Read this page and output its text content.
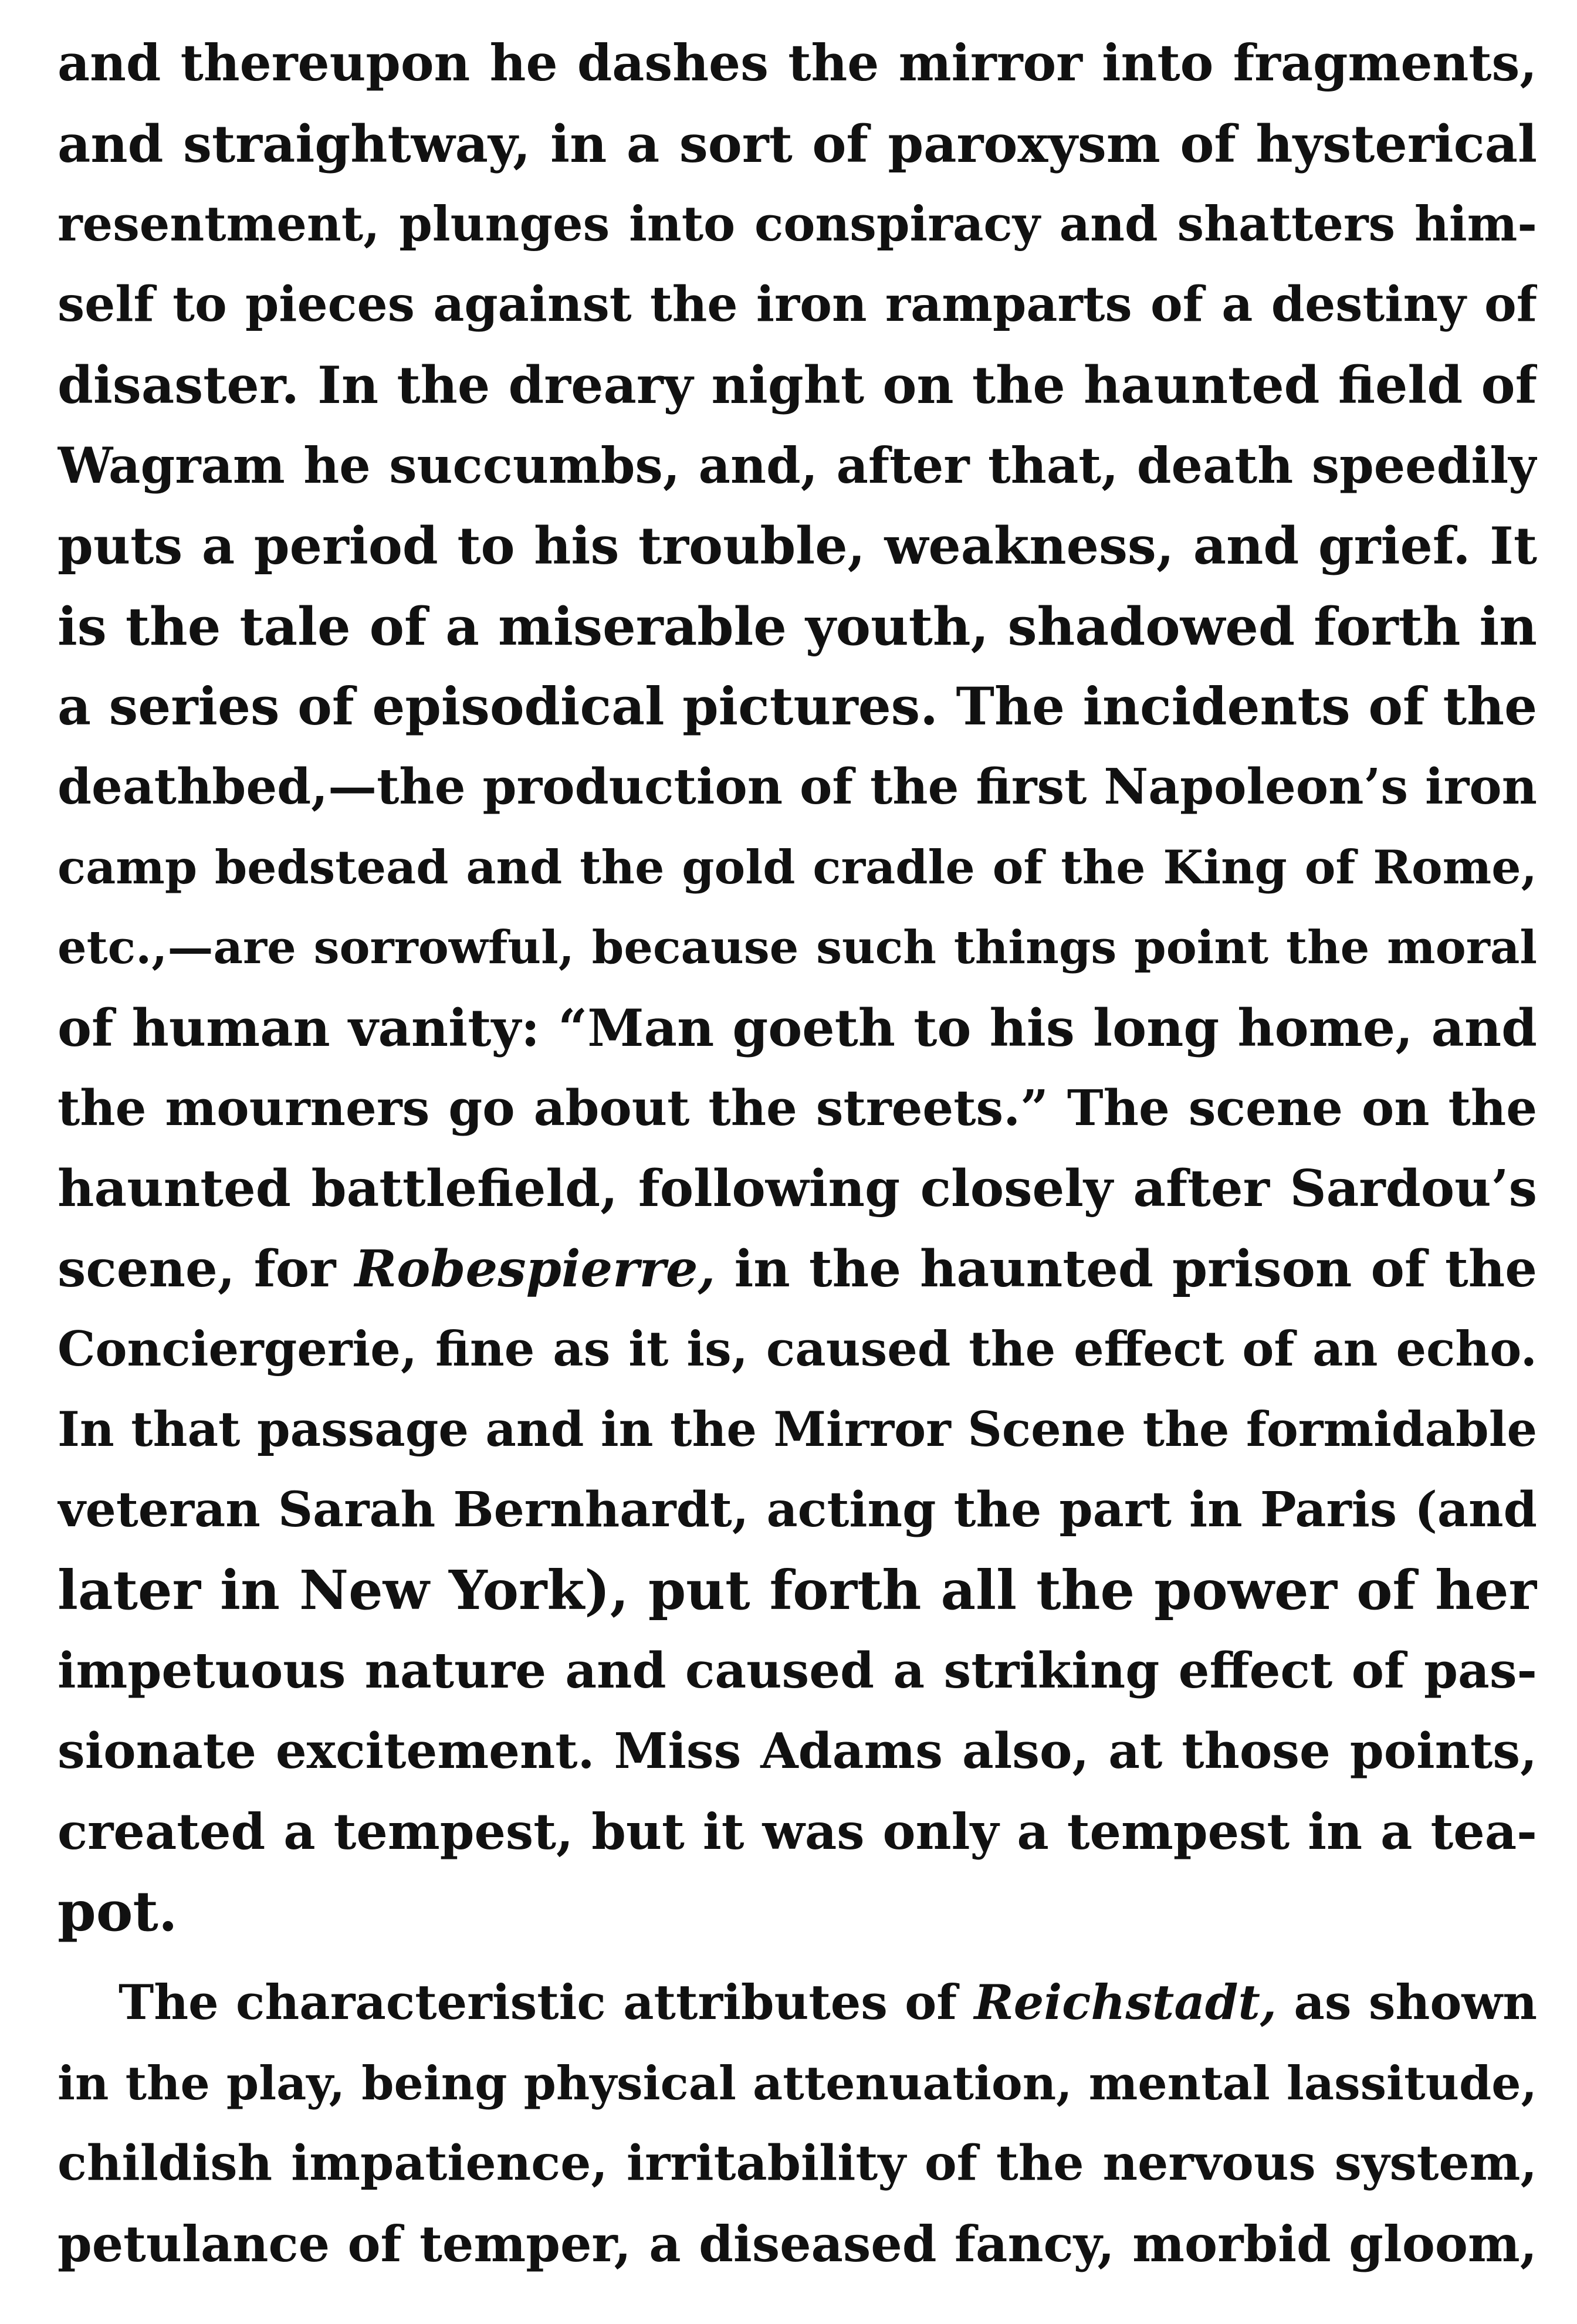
and thereupon he dashes the mirror into fragments,
and straightway, in a sort of paroxysm of hysterical
resentment, plunges into conspiracy and shatters him-
self to pieces against the iron ramparts of a destiny of
disaster. In the dreary night on the haunted field of
Wagram he succumbs, and, after that, death speedily
puts a period to his trouble, weakness, and grief. It
is the tale of a miserable youth, shadowed forth in
a series of episodical pictures. The incidents of the
deathbed,—the production of the first Napoleon’s iron
camp bedstead and the gold cradle of the King of Rome,
etc.,—are sorrowful, because such things point the moral
of human vanity: “Man goeth to his long home, and
the mourners go about the streets.” The scene on the
haunted battlefield, following closely after Sardou’s
scene, for Robespierre, in the haunted prison of the
Conciergerie, fine as it is, caused the effect of an echo.
In that passage and in the Mirror Scene the formidable
veteran Sarah Bernhardt, acting the part in Paris (and
later in New York), put forth all the power of her
impetuous nature and caused a striking effect of pas-
sionate excitement. Miss Adams also, at those points,
created a tempest, but it was only a tempest in a tea-
pot.
The characteristic attributes of Reichstadt, as shown
in the play, being physical attenuation, mental lassitude,
childish impatience, irritability of the nervous system,
petulance of temper, a diseased fancy, morbid gloom,
